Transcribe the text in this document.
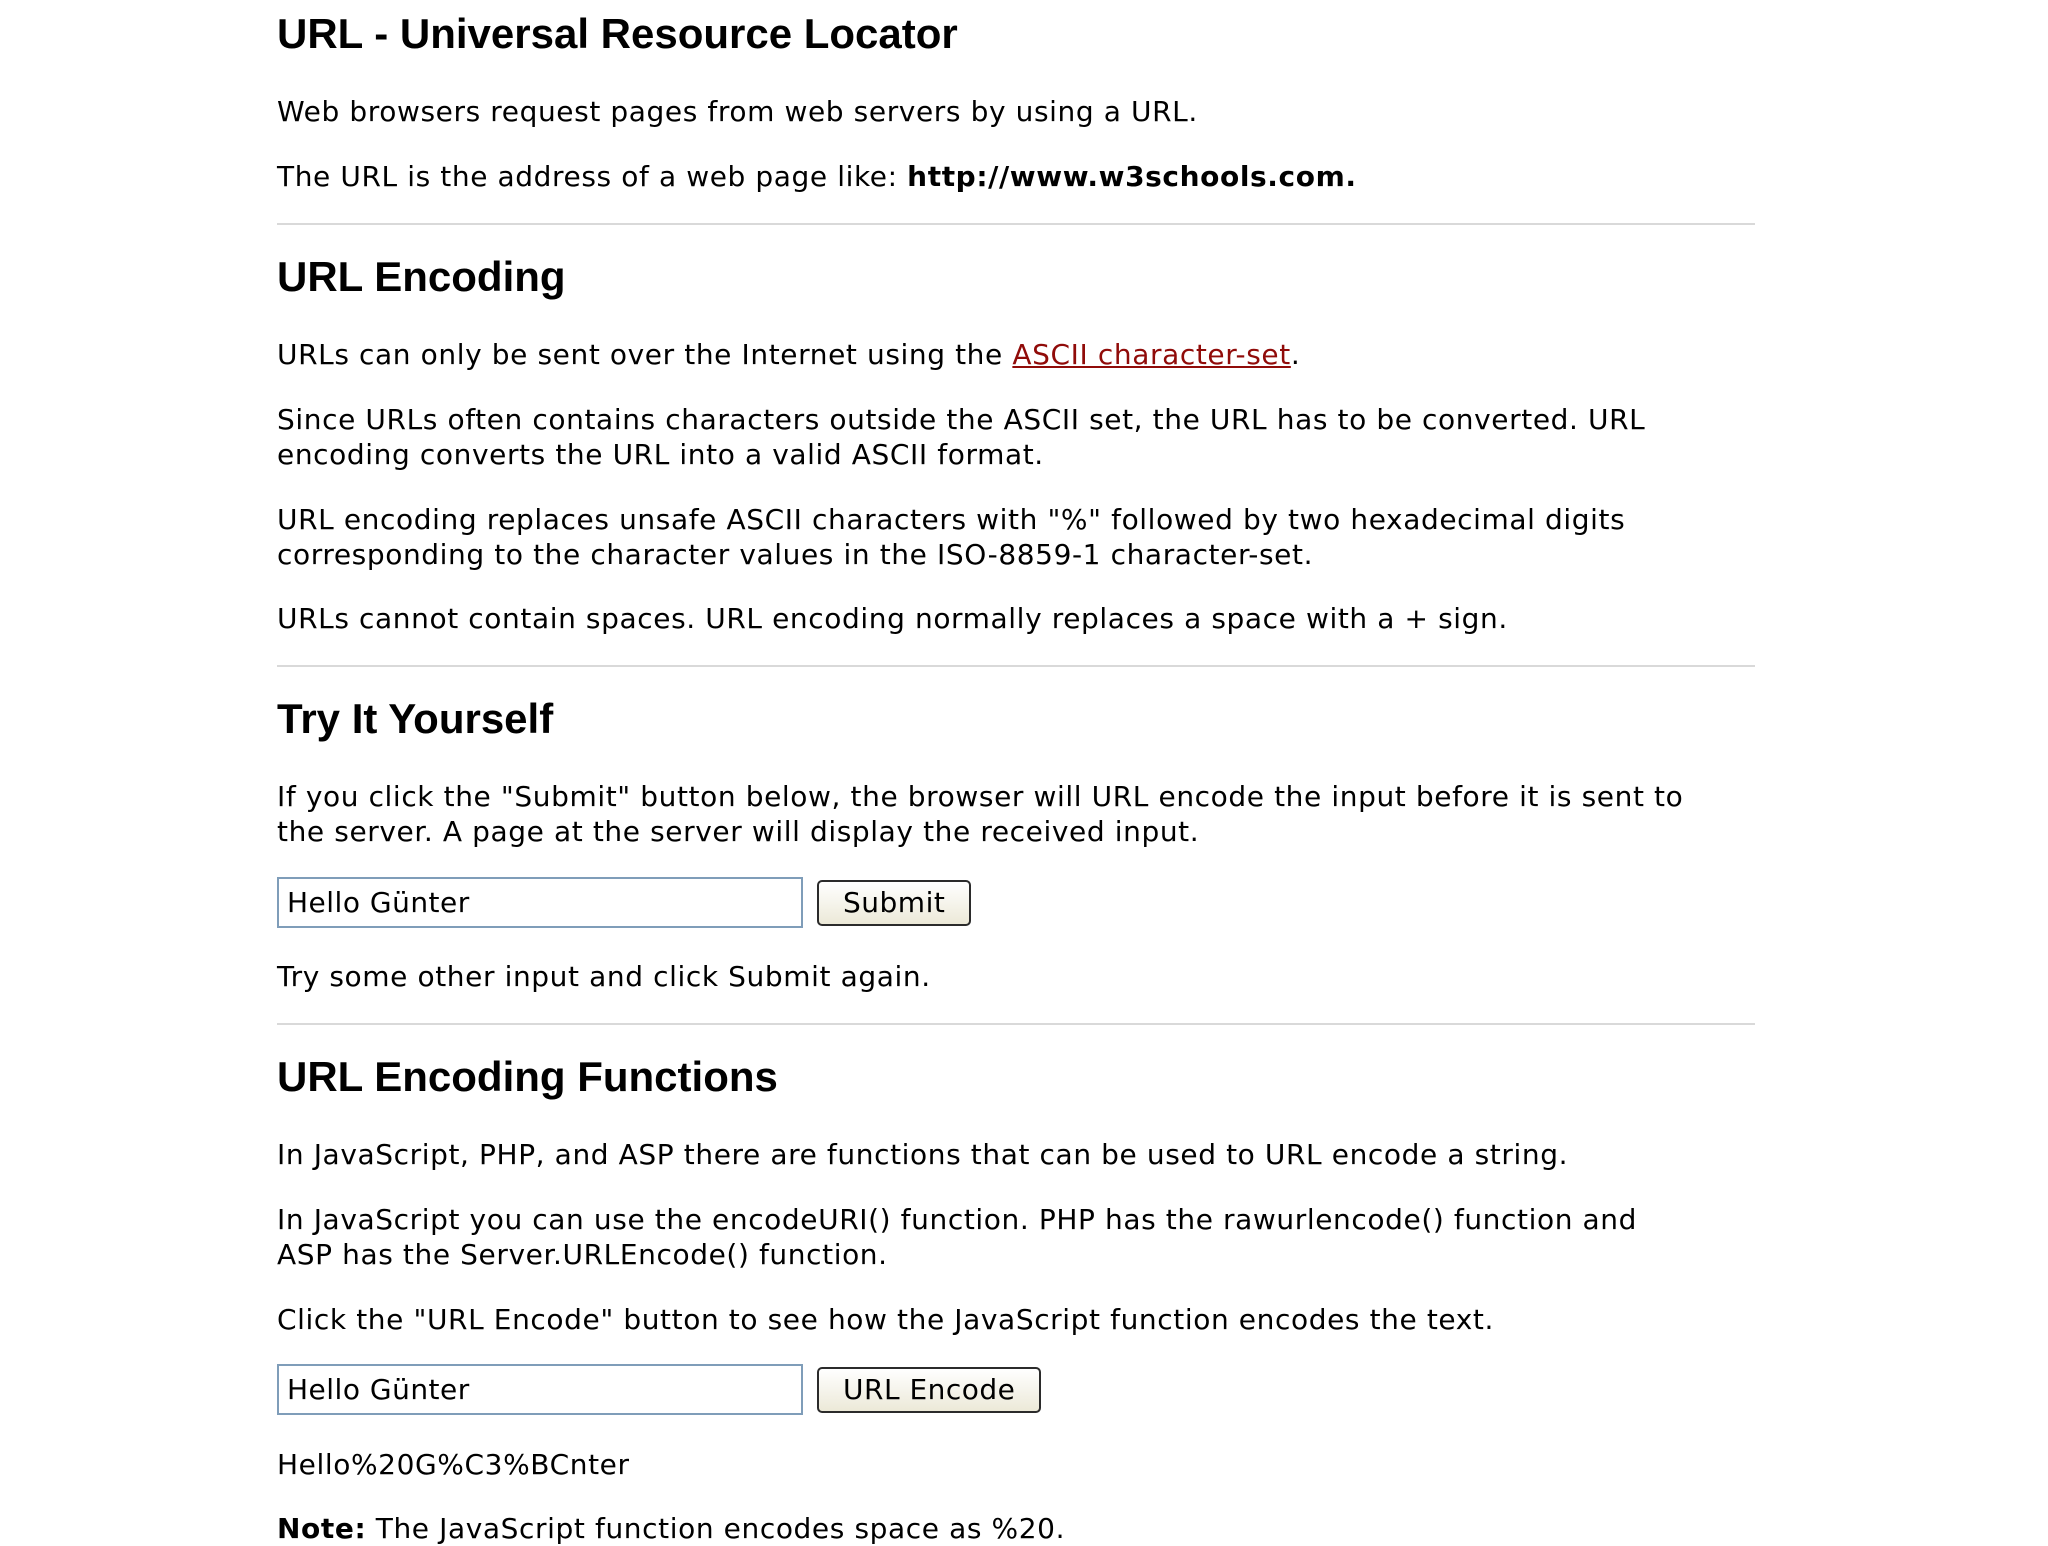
URL - Universal Resource Locator

Web browsers request pages from web servers by using a URL.

The URL is the address of a web page like: http://www.w3schools.com.

URL Encoding

URLs can only be sent over the Internet using the ASCII character-set.

Since URLs often contains characters outside the ASCII set, the URL has to be converted. URL
encoding converts the URL into a valid ASCII format.

URL encoding replaces unsafe ASCII characters with "%" followed by two hexadecimal digits
corresponding to the character values in the ISO-8859-1 character-set.

URLs cannot contain spaces. URL encoding normally replaces a space with a + sign.

Try It Yourself

If you click the "Submit" button below, the browser will URL encode the input before it is sent to
the server. A page at the server will display the received input.

Hello Günter
Submit

Try some other input and click Submit again.

URL Encoding Functions

In JavaScript, PHP, and ASP there are functions that can be used to URL encode a string.

In JavaScript you can use the encodeURI() function. PHP has the rawurlencode() function and
ASP has the Server.URLEncode() function.

Click the "URL Encode" button to see how the JavaScript function encodes the text.

Hello Günter
URL Encode

Hello%20G%C3%BCnter

Note: The JavaScript function encodes space as %20.
